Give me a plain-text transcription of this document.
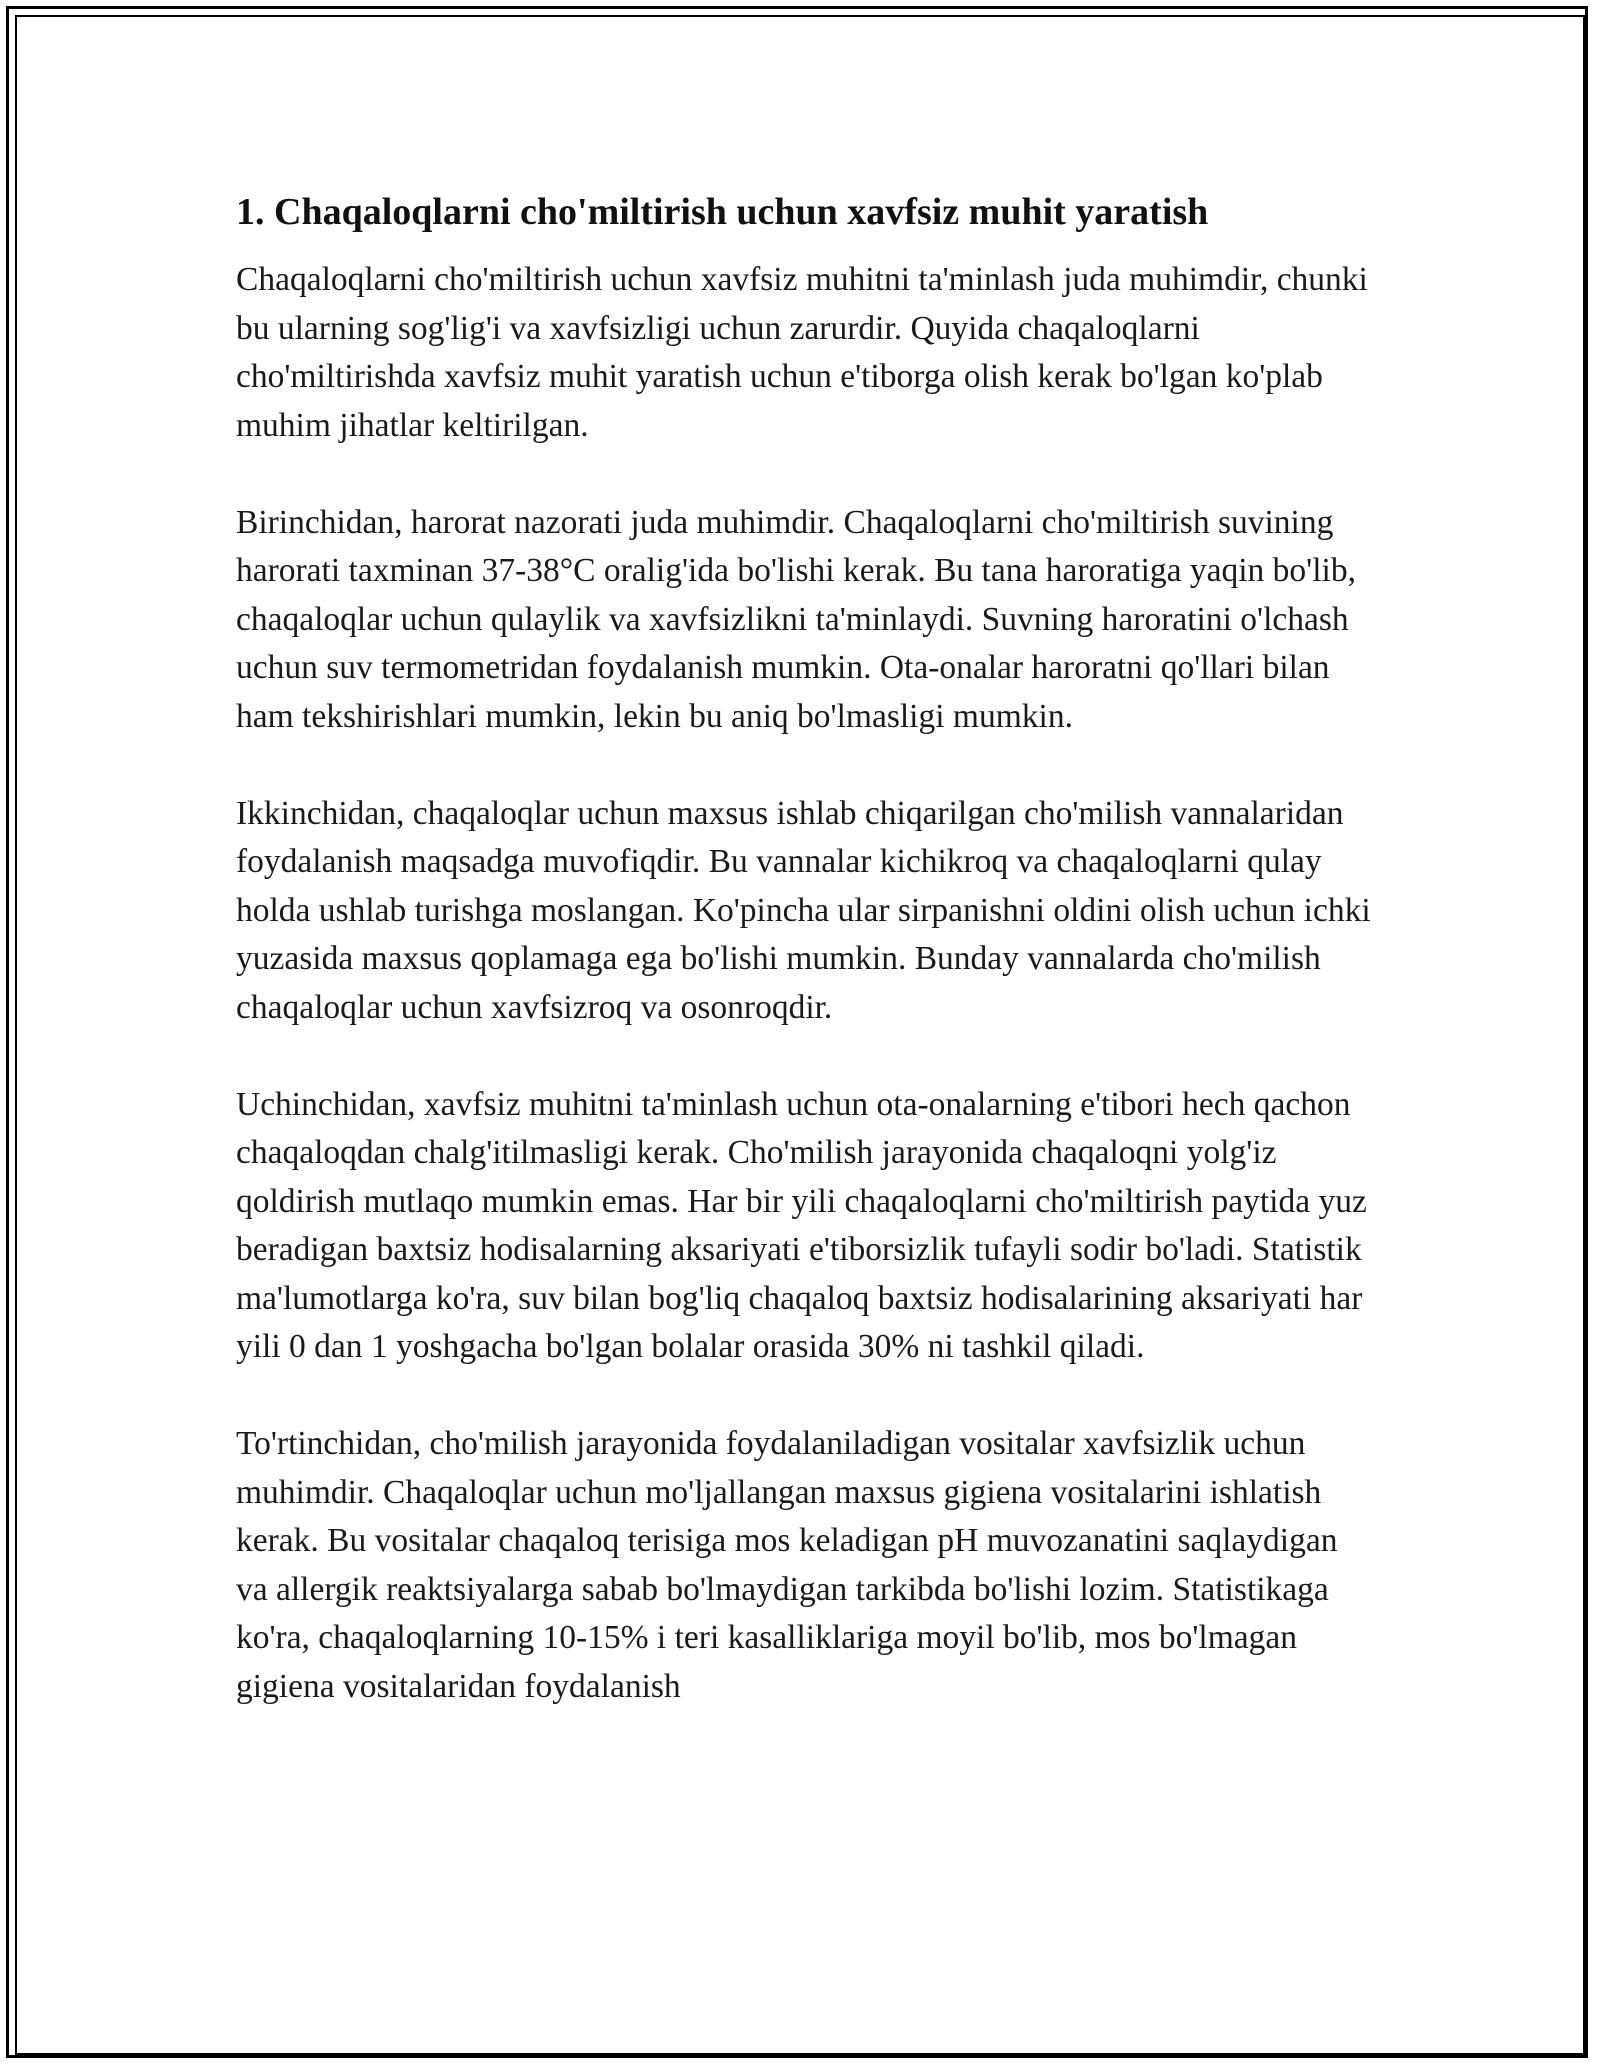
1. Chaqaloqlarni cho'miltirish uchun xavfsiz muhit yaratish

Chaqaloqlarni cho'miltirish uchun xavfsiz muhitni ta'minlash juda muhimdir, chunki bu ularning sog'lig'i va xavfsizligi uchun zarurdir. Quyida chaqaloqlarni cho'miltirishda xavfsiz muhit yaratish uchun e'tiborga olish kerak bo'lgan ko'plab muhim jihatlar keltirilgan.

Birinchidan, harorat nazorati juda muhimdir. Chaqaloqlarni cho'miltirish suvining harorati taxminan 37-38°C oralig'ida bo'lishi kerak. Bu tana haroratiga yaqin bo'lib, chaqaloqlar uchun qulaylik va xavfsizlikni ta'minlaydi. Suvning haroratini o'lchash uchun suv termometridan foydalanish mumkin. Ota-onalar haroratni qo'llari bilan ham tekshirishlari mumkin, lekin bu aniq bo'lmasligi mumkin.

Ikkinchidan, chaqaloqlar uchun maxsus ishlab chiqarilgan cho'milish vannalaridan foydalanish maqsadga muvofiqdir. Bu vannalar kichikroq va chaqaloqlarni qulay holda ushlab turishga moslangan. Ko'pincha ular sirpanishni oldini olish uchun ichki yuzasida maxsus qoplamaga ega bo'lishi mumkin. Bunday vannalarda cho'milish chaqaloqlar uchun xavfsizroq va osonroqdir.

Uchinchidan, xavfsiz muhitni ta'minlash uchun ota-onalarning e'tibori hech qachon chaqaloqdan chalg'itilmasligi kerak. Cho'milish jarayonida chaqaloqni yolg'iz qoldirish mutlaqo mumkin emas. Har bir yili chaqaloqlarni cho'miltirish paytida yuz beradigan baxtsiz hodisalarning aksariyati e'tiborsizlik tufayli sodir bo'ladi. Statistik ma'lumotlarga ko'ra, suv bilan bog'liq chaqaloq baxtsiz hodisalarining aksariyati har yili 0 dan 1 yoshgacha bo'lgan bolalar orasida 30% ni tashkil qiladi.

To'rtinchidan, cho'milish jarayonida foydalaniladigan vositalar xavfsizlik uchun muhimdir. Chaqaloqlar uchun mo'ljallangan maxsus gigiena vositalarini ishlatish kerak. Bu vositalar chaqaloq terisiga mos keladigan pH muvozanatini saqlaydigan va allergik reaktsiyalarga sabab bo'lmaydigan tarkibda bo'lishi lozim. Statistikaga ko'ra, chaqaloqlarning 10-15% i teri kasalliklariga moyil bo'lib, mos bo'lmagan gigiena vositalaridan foydalanish
